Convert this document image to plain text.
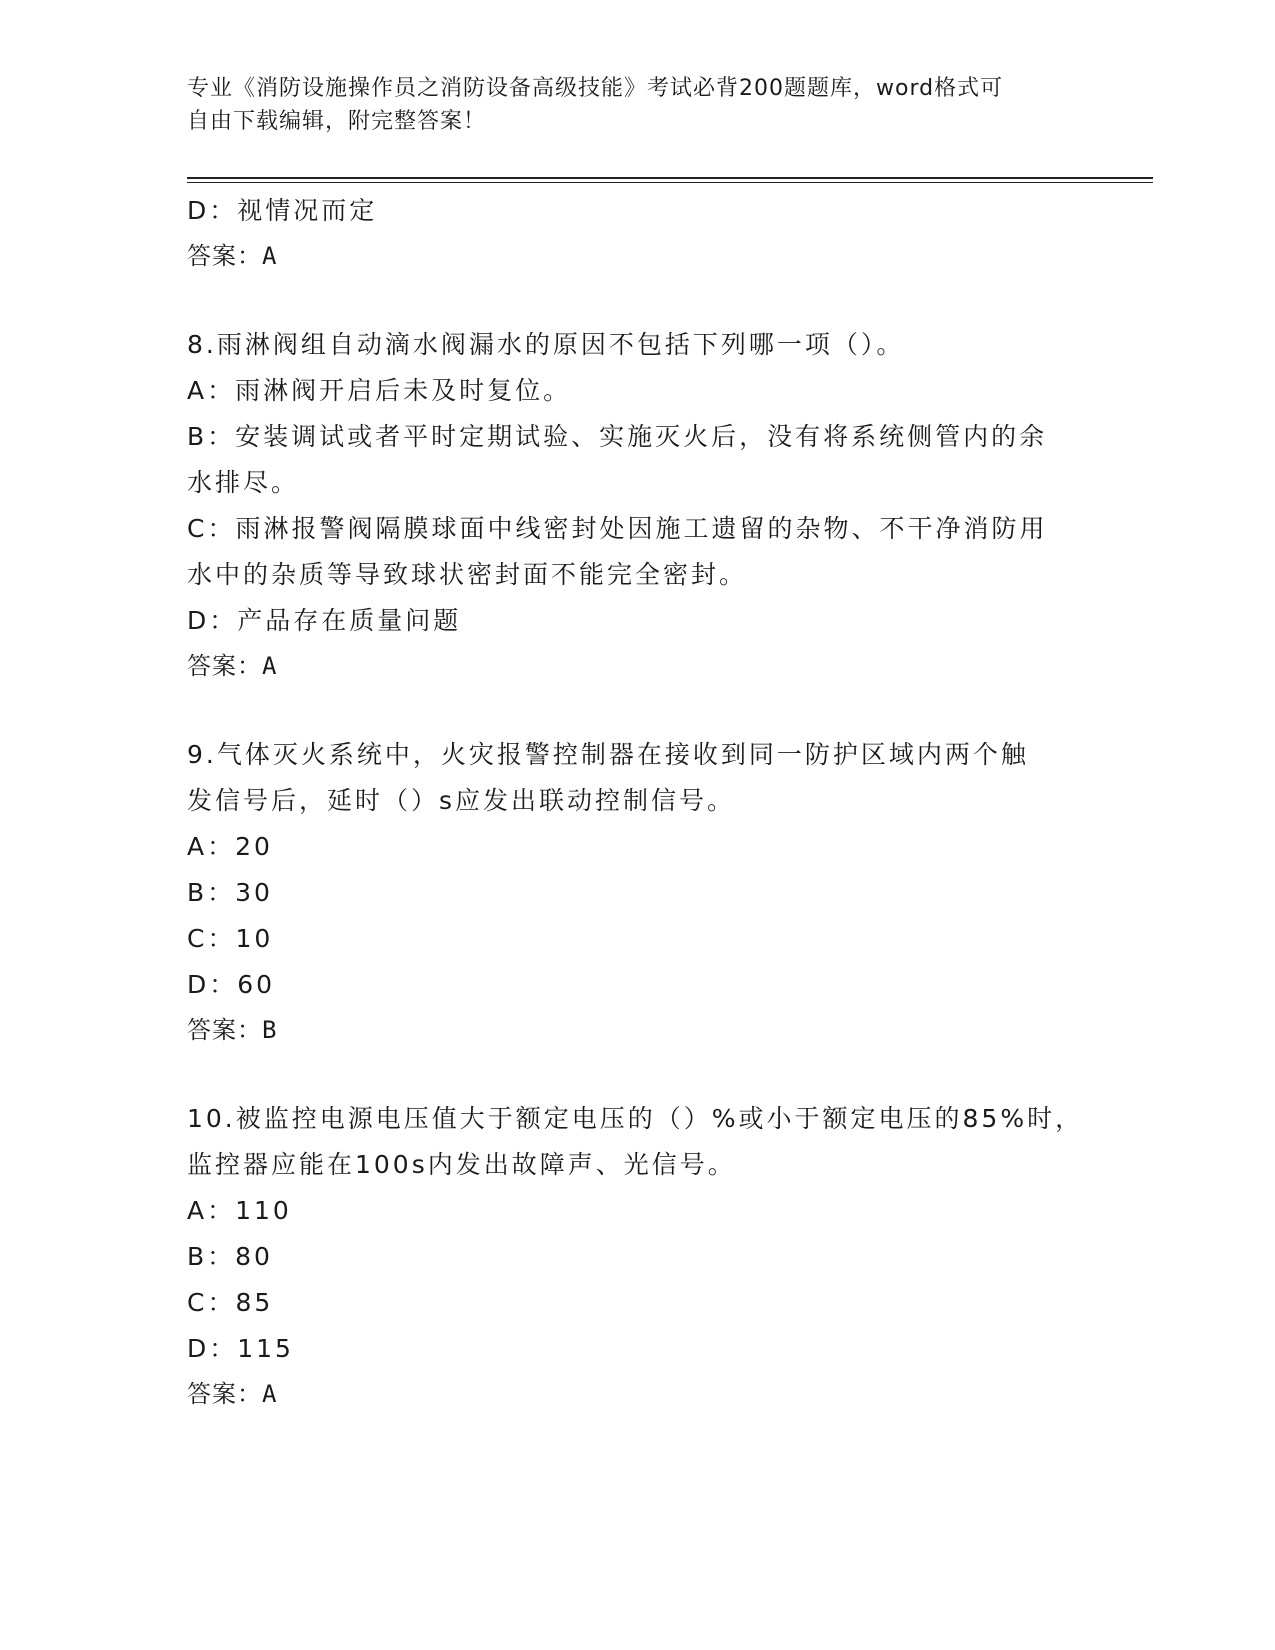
专业《消防设施操作员之消防设备高级技能》考试必背200题题库，word格式可
自由下载编辑，附完整答案！
D：视情况而定
答案：A
8.雨淋阀组自动滴水阀漏水的原因不包括下列哪一项（）。
A：雨淋阀开启后未及时复位。
B：安装调试或者平时定期试验、实施灭火后，没有将系统侧管内的余
水排尽。
C：雨淋报警阀隔膜球面中线密封处因施工遗留的杂物、不干净消防用
水中的杂质等导致球状密封面不能完全密封。
D：产品存在质量问题
答案：A
9.气体灭火系统中，火灾报警控制器在接收到同一防护区域内两个触
发信号后，延时（）s应发出联动控制信号。
A：20
B：30
C：10
D：60
答案：B
10.被监控电源电压值大于额定电压的（）%或小于额定电压的85%时，
监控器应能在100s内发出故障声、光信号。
A：110
B：80
C：85
D：115
答案：A
